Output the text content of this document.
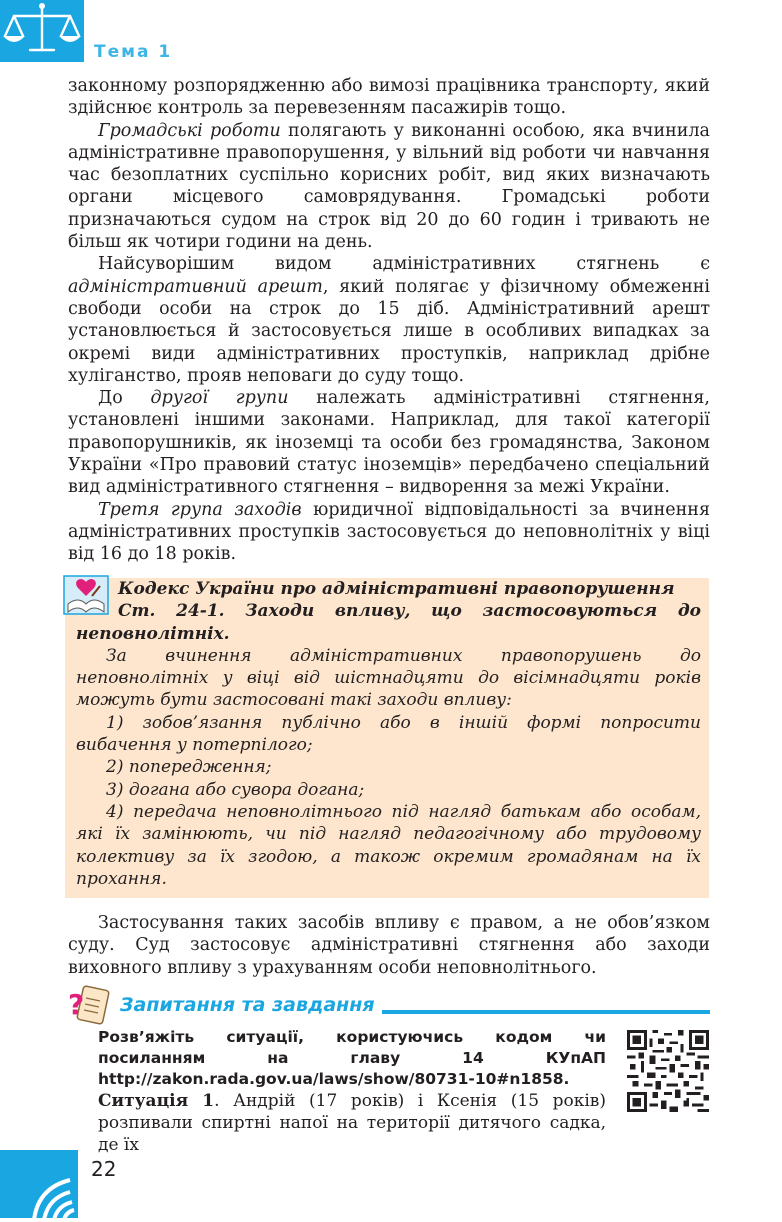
Тема 1

законному розпорядженню або вимозі працівника транспорту, який здійснює контроль за перевезенням пасажирів тощо.

Громадські роботи полягають у виконанні особою, яка вчинила адміністративне правопорушення, у вільний від роботи чи навчання час безоплатних суспільно корисних робіт, вид яких визначають органи місцевого самоврядування. Громадські роботи призначаються судом на строк від 20 до 60 годин і тривають не більш як чотири години на день.

Найсуворішим видом адміністративних стягнень є адміністративний арешт, який полягає у фізичному обмеженні свободи особи на строк до 15 діб. Адміністративний арешт установлюється й застосовується лише в особливих випадках за окремі види адміністративних проступків, наприклад дрібне хуліганство, прояв неповаги до суду тощо.

До другої групи належать адміністративні стягнення, установлені іншими законами. Наприклад, для такої категорії правопорушників, як іноземці та особи без громадянства, Законом України «Про правовий статус іноземців» передбачено спеціальний вид адміністративного стягнення – видворення за межі України.

Третя група заходів юридичної відповідальності за вчинення адміністративних проступків застосовується до неповнолітніх у віці від 16 до 18 років.

Кодекс України про адміністративні правопорушення

Ст. 24-1. Заходи впливу, що застосовуються до неповнолітніх.

За вчинення адміністративних правопорушень до неповнолітніх у віці від шістнадцяти до вісімнадцяти років можуть бути застосовані такі заходи впливу:

1) зобов’язання публічно або в іншій формі попросити вибачення у потерпілого;

2) попередження;

3) догана або сувора догана;

4) передача неповнолітнього під нагляд батькам або особам, які їх замінюють, чи під нагляд педагогічному або трудовому колективу за їх згодою, а також окремим громадянам на їх прохання.

Застосування таких засобів впливу є правом, а не обов’язком суду. Суд застосовує адміністративні стягнення або заходи виховного впливу з урахуванням особи неповнолітнього.

? Запитання та завдання
Розв’яжіть ситуації, користуючись кодом чи посиланням на главу 14 КУпАП http://zakon.rada.gov.ua/laws/show/80731-10#n1858.
Ситуація 1. Андрій (17 років) і Ксенія (15 років) розпивали спиртні напої на території дитячого садка, де їх
22
